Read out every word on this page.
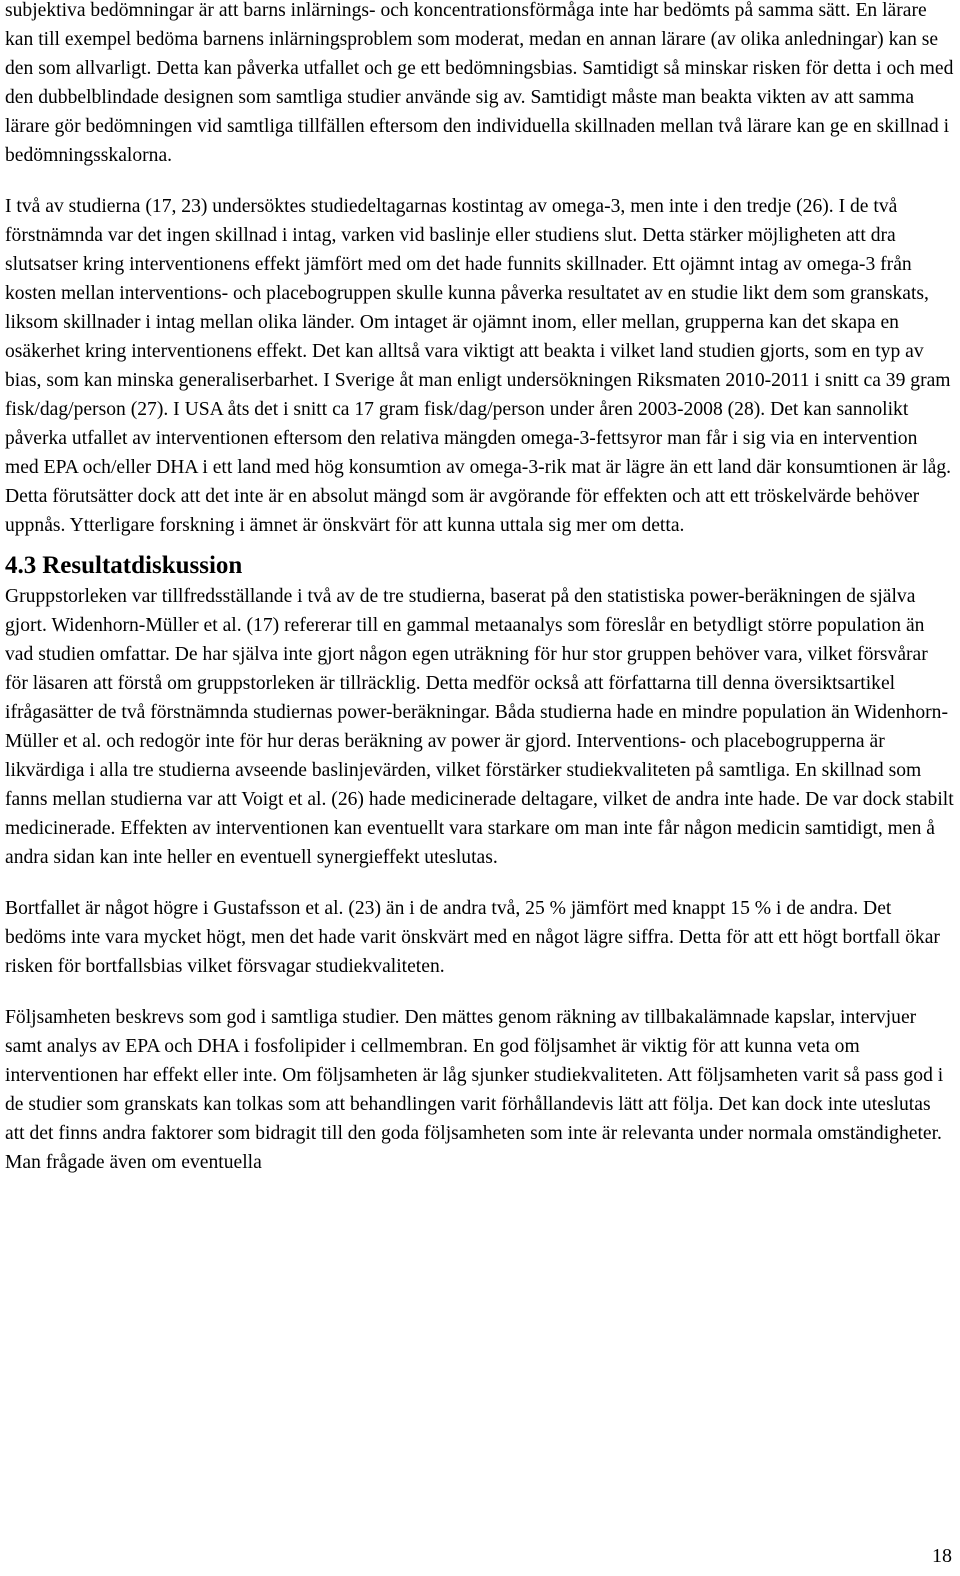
subjektiva bedömningar är att barns inlärnings- och koncentrationsförmåga inte har bedömts på samma sätt. En lärare kan till exempel bedöma barnens inlärningsproblem som moderat, medan en annan lärare (av olika anledningar) kan se den som allvarligt. Detta kan påverka utfallet och ge ett bedömningsbias. Samtidigt så minskar risken för detta i och med den dubbelblindade designen som samtliga studier använde sig av. Samtidigt måste man beakta vikten av att samma lärare gör bedömningen vid samtliga tillfällen eftersom den individuella skillnaden mellan två lärare kan ge en skillnad i bedömningsskalorna.

I två av studierna (17, 23) undersöktes studiedeltagarnas kostintag av omega-3, men inte i den tredje (26). I de två förstnämnda var det ingen skillnad i intag, varken vid baslinje eller studiens slut. Detta stärker möjligheten att dra slutsatser kring interventionens effekt jämfört med om det hade funnits skillnader. Ett ojämnt intag av omega-3 från kosten mellan interventions- och placebogruppen skulle kunna påverka resultatet av en studie likt dem som granskats, liksom skillnader i intag mellan olika länder. Om intaget är ojämnt inom, eller mellan, grupperna kan det skapa en osäkerhet kring interventionens effekt. Det kan alltså vara viktigt att beakta i vilket land studien gjorts, som en typ av bias, som kan minska generaliserbarhet. I Sverige åt man enligt undersökningen Riksmaten 2010-2011 i snitt ca 39 gram fisk/dag/person (27). I USA åts det i snitt ca 17 gram fisk/dag/person under åren 2003-2008 (28). Det kan sannolikt påverka utfallet av interventionen eftersom den relativa mängden omega-3-fettsyror man får i sig via en intervention med EPA och/eller DHA i ett land med hög konsumtion av omega-3-rik mat är lägre än ett land där konsumtionen är låg. Detta förutsätter dock att det inte är en absolut mängd som är avgörande för effekten och att ett tröskelvärde behöver uppnås. Ytterligare forskning i ämnet är önskvärt för att kunna uttala sig mer om detta.

4.3 Resultatdiskussion

Gruppstorleken var tillfredsställande i två av de tre studierna, baserat på den statistiska power-beräkningen de själva gjort. Widenhorn-Müller et al. (17) refererar till en gammal metaanalys som föreslår en betydligt större population än vad studien omfattar. De har själva inte gjort någon egen uträkning för hur stor gruppen behöver vara, vilket försvårar för läsaren att förstå om gruppstorleken är tillräcklig. Detta medför också att författarna till denna översiktsartikel ifrågasätter de två förstnämnda studiernas power-beräkningar. Båda studierna hade en mindre population än Widenhorn-Müller et al. och redogör inte för hur deras beräkning av power är gjord. Interventions- och placebogrupperna är likvärdiga i alla tre studierna avseende baslinjevärden, vilket förstärker studiekvaliteten på samtliga. En skillnad som fanns mellan studierna var att Voigt et al. (26) hade medicinerade deltagare, vilket de andra inte hade. De var dock stabilt medicinerade. Effekten av interventionen kan eventuellt vara starkare om man inte får någon medicin samtidigt, men å andra sidan kan inte heller en eventuell synergieffekt uteslutas.

Bortfallet är något högre i Gustafsson et al. (23) än i de andra två, 25 % jämfört med knappt 15 % i de andra. Det bedöms inte vara mycket högt, men det hade varit önskvärt med en något lägre siffra. Detta för att ett högt bortfall ökar risken för bortfallsbias vilket försvagar studiekvaliteten.

Följsamheten beskrevs som god i samtliga studier. Den mättes genom räkning av tillbakalämnade kapslar, intervjuer samt analys av EPA och DHA i fosfolipider i cellmembran. En god följsamhet är viktig för att kunna veta om interventionen har effekt eller inte. Om följsamheten är låg sjunker studiekvaliteten. Att följsamheten varit så pass god i de studier som granskats kan tolkas som att behandlingen varit förhållandevis lätt att följa. Det kan dock inte uteslutas att det finns andra faktorer som bidragit till den goda följsamheten som inte är relevanta under normala omständigheter. Man frågade även om eventuella

18
